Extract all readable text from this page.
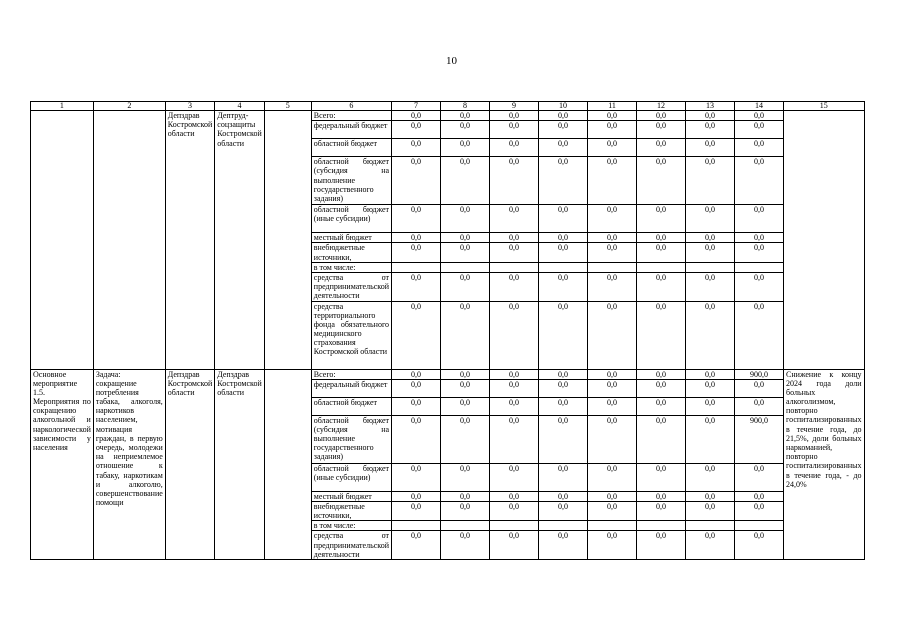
10
1	2	3	4	5	6	7	8	9	10	11	12	13	14	15
		Депздрав Костромской области	Дептруд-соцзащиты Костромской области		Всего:	0,0	0,0	0,0	0,0	0,0	0,0	0,0	0,0	
					федеральный бюджет	0,0	0,0	0,0	0,0	0,0	0,0	0,0	0,0	
					областной бюджет	0,0	0,0	0,0	0,0	0,0	0,0	0,0	0,0	
					областной бюджет (субсидия на выполнение государственного задания)	0,0	0,0	0,0	0,0	0,0	0,0	0,0	0,0	
					областной бюджет (иные субсидии)	0,0	0,0	0,0	0,0	0,0	0,0	0,0	0,0	
					местный бюджет	0,0	0,0	0,0	0,0	0,0	0,0	0,0	0,0	
					внебюджетные источники,	0,0	0,0	0,0	0,0	0,0	0,0	0,0	0,0	
					в том числе:									
					средства от предпринимательской деятельности	0,0	0,0	0,0	0,0	0,0	0,0	0,0	0,0	
					средства территориального фонда обязательного медицинского страхования Костромской области	0,0	0,0	0,0	0,0	0,0	0,0	0,0	0,0	
Основное мероприятие 1.5. Мероприятия по сокращению алкогольной и наркологической зависимости у населения	Задача: сокращение потребления табака, алкоголя, наркотиков населением, мотивация граждан, в первую очередь, молодежи на неприемлемое отношение к табаку, наркотикам и алкоголю, совершенствование помощи	Депздрав Костромской области	Депздрав Костромской области		Всего:	0,0	0,0	0,0	0,0	0,0	0,0	0,0	900,0	Снижение к концу 2024 года доли больных алкоголизмом, повторно госпитализированных в течение года, до 21,5%, доли больных наркоманией, повторно госпитализированных в течение года, - до 24,0%
					федеральный бюджет	0,0	0,0	0,0	0,0	0,0	0,0	0,0	0,0	
					областной бюджет	0,0	0,0	0,0	0,0	0,0	0,0	0,0	0,0	
					областной бюджет (субсидия на выполнение государственного задания)	0,0	0,0	0,0	0,0	0,0	0,0	0,0	900,0	
					областной бюджет (иные субсидии)	0,0	0,0	0,0	0,0	0,0	0,0	0,0	0,0	
					местный бюджет	0,0	0,0	0,0	0,0	0,0	0,0	0,0	0,0	
					внебюджетные источники,	0,0	0,0	0,0	0,0	0,0	0,0	0,0	0,0	
					в том числе:									
					средства от предпринимательской деятельности	0,0	0,0	0,0	0,0	0,0	0,0	0,0	0,0	
